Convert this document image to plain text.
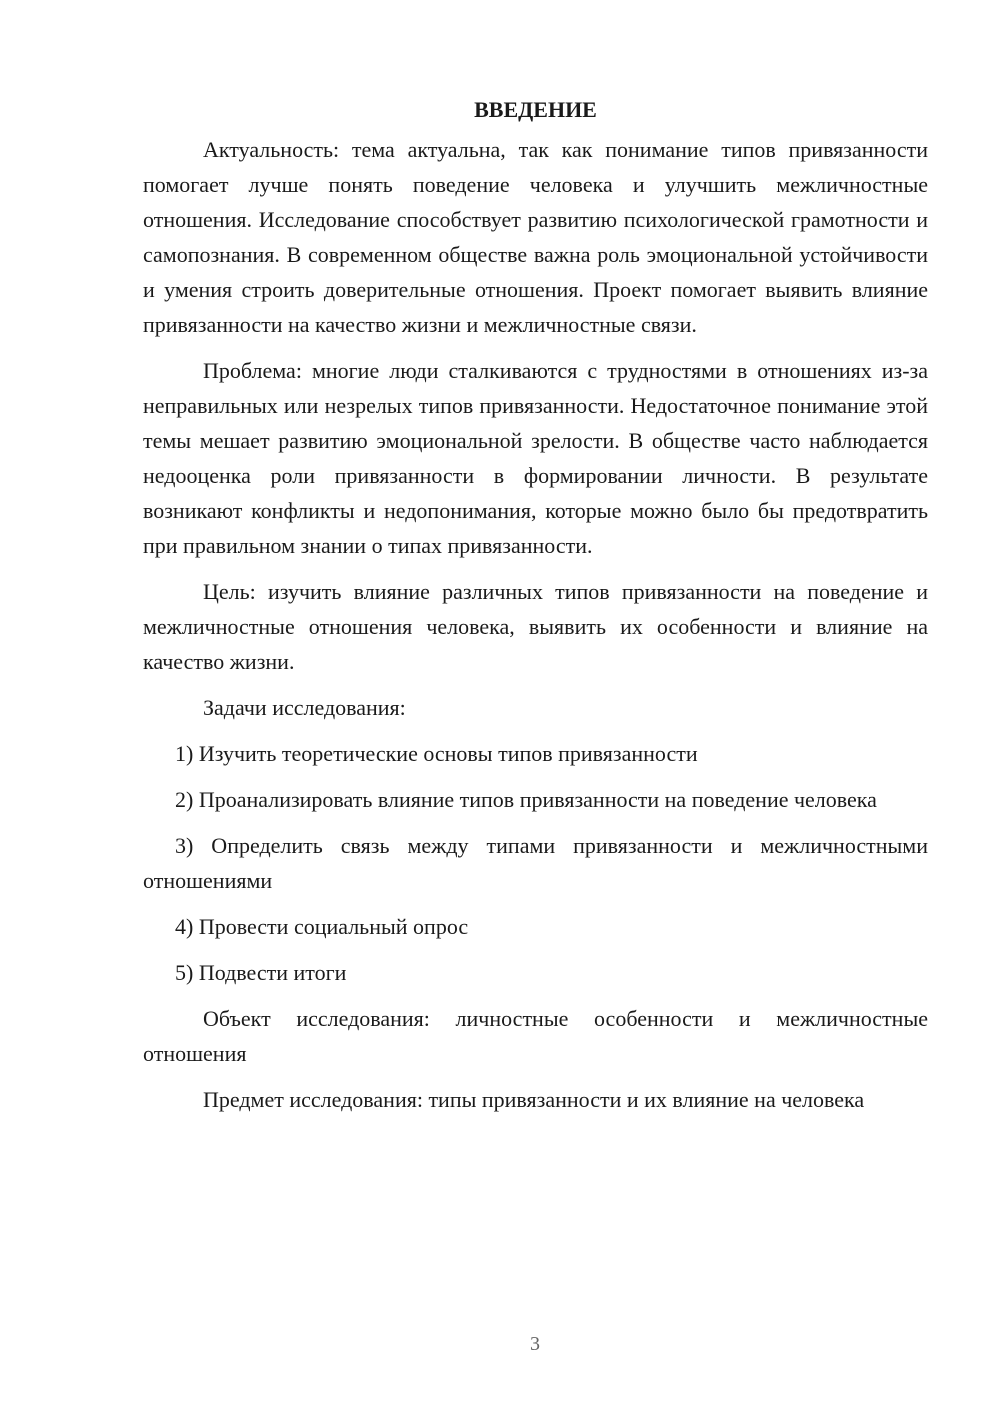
ВВЕДЕНИЕ

Актуальность: тема актуальна, так как понимание типов привязанности помогает лучше понять поведение человека и улучшить межличностные отношения. Исследование способствует развитию психологической грамотности и самопознания. В современном обществе важна роль эмоциональной устойчивости и умения строить доверительные отношения. Проект помогает выявить влияние привязанности на качество жизни и межличностные связи.

Проблема: многие люди сталкиваются с трудностями в отношениях из-за неправильных или незрелых типов привязанности. Недостаточное понимание этой темы мешает развитию эмоциональной зрелости. В обществе часто наблюдается недооценка роли привязанности в формировании личности. В результате возникают конфликты и недопонимания, которые можно было бы предотвратить при правильном знании о типах привязанности.

Цель: изучить влияние различных типов привязанности на поведение и межличностные отношения человека, выявить их особенности и влияние на качество жизни.

Задачи исследования:

1) Изучить теоретические основы типов привязанности

2) Проанализировать влияние типов привязанности на поведение человека

3) Определить связь между типами привязанности и межличностными отношениями

4) Провести социальный опрос

5) Подвести итоги

Объект исследования: личностные особенности и межличностные отношения

Предмет исследования: типы привязанности и их влияние на человека

3
